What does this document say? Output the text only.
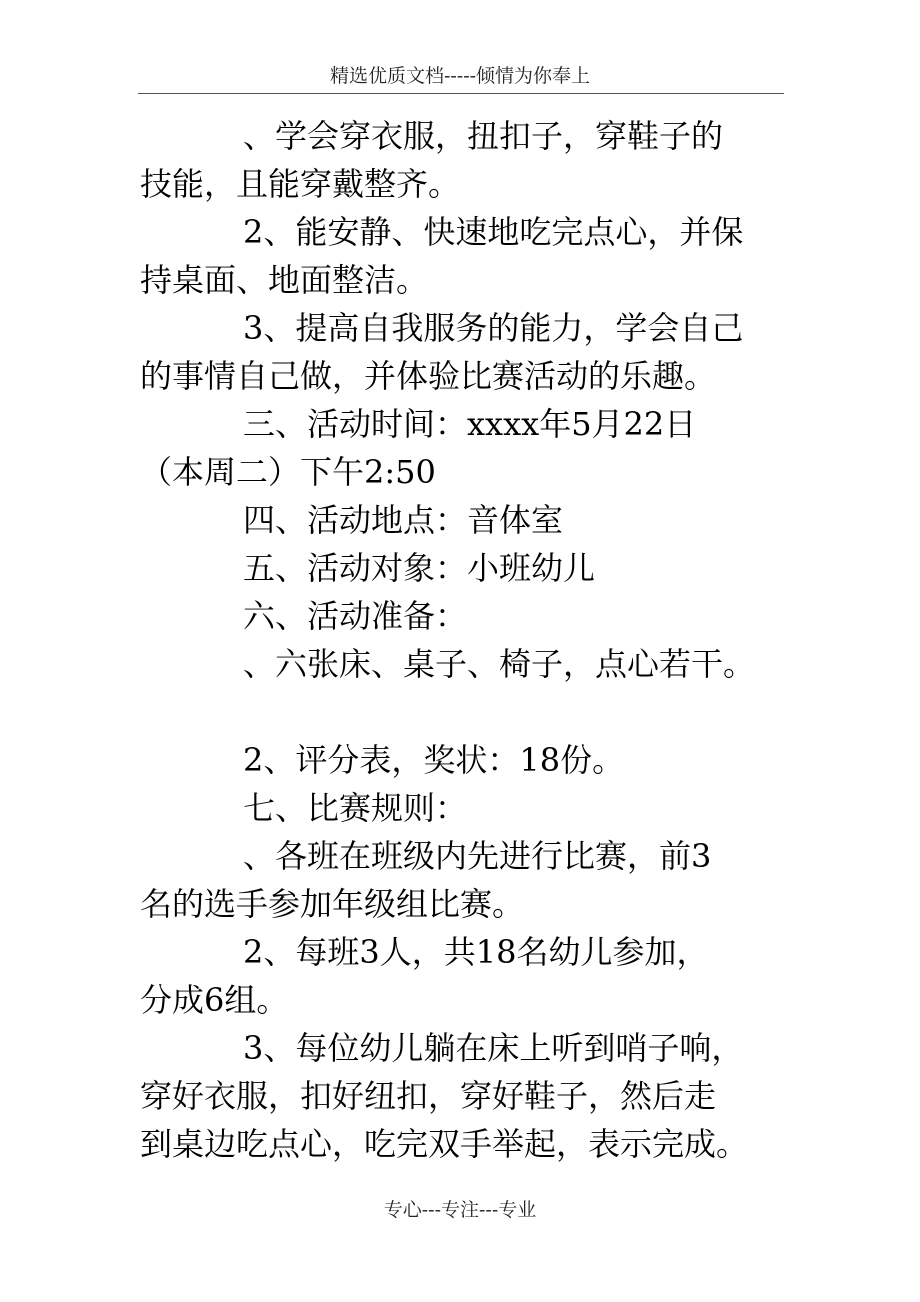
精选优质文档-----倾情为你奉上
、学会穿衣服，扭扣子，穿鞋子的
技能，且能穿戴整齐。
2、能安静、快速地吃完点心，并保
持桌面、地面整洁。
3、提高自我服务的能力，学会自己
的事情自己做，并体验比赛活动的乐趣。
三、活动时间：xxxx年5月22日
（本周二）下午2:50
四、活动地点：音体室
五、活动对象：小班幼儿
六、活动准备：
、六张床、桌子、椅子，点心若干。
2、评分表，奖状：18份。
七、比赛规则：
、各班在班级内先进行比赛，前3
名的选手参加年级组比赛。
2、每班3人，共18名幼儿参加，
分成6组。
3、每位幼儿躺在床上听到哨子响，
穿好衣服，扣好纽扣，穿好鞋子，然后走
到桌边吃点心，吃完双手举起，表示完成。
专心---专注---专业
